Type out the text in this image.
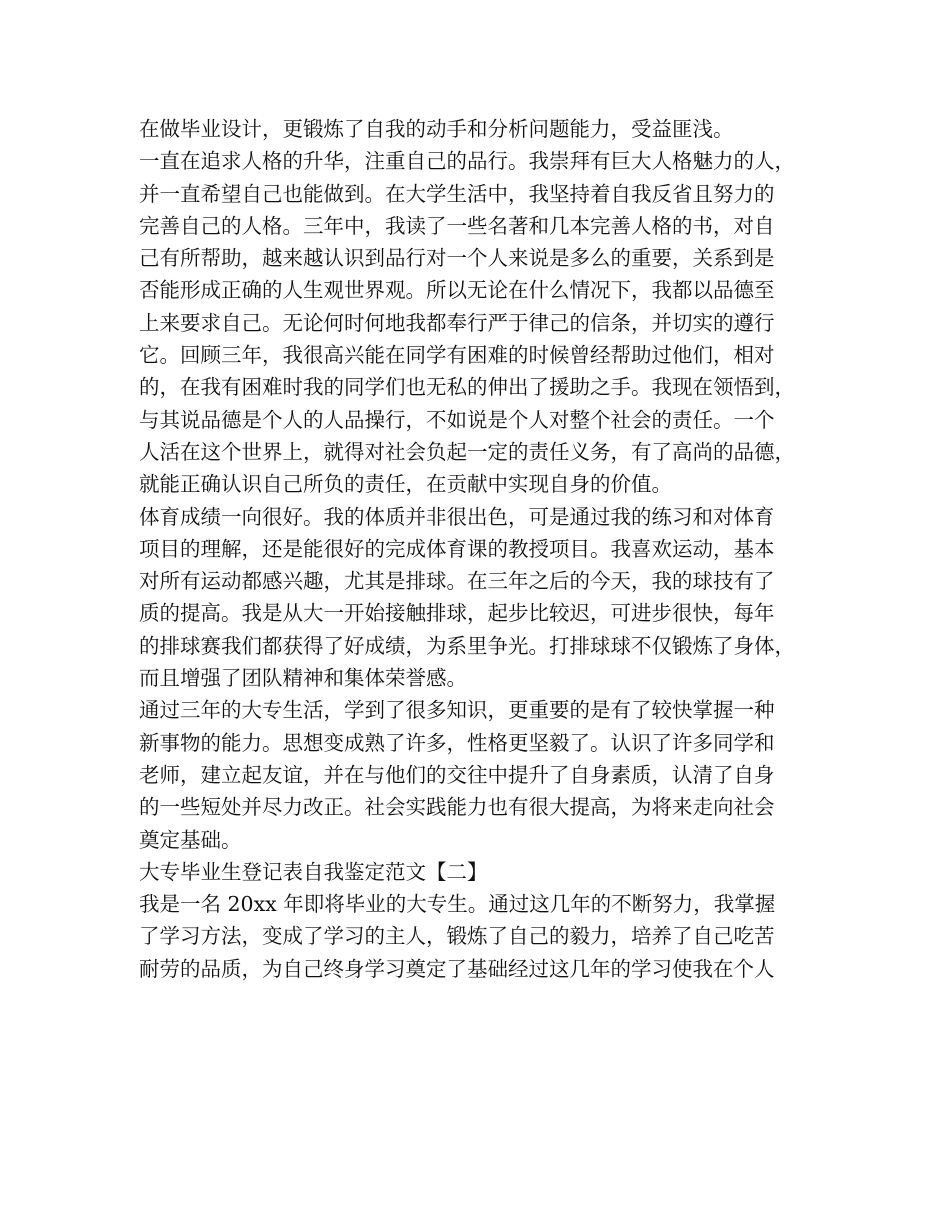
在做毕业设计，更锻炼了自我的动手和分析问题能力，受益匪浅。
一直在追求人格的升华，注重自己的品行。我崇拜有巨大人格魅力的人，
并一直希望自己也能做到。在大学生活中，我坚持着自我反省且努力的
完善自己的人格。三年中，我读了一些名著和几本完善人格的书，对自
己有所帮助，越来越认识到品行对一个人来说是多么的重要，关系到是
否能形成正确的人生观世界观。所以无论在什么情况下，我都以品德至
上来要求自己。无论何时何地我都奉行严于律己的信条，并切实的遵行
它。回顾三年，我很高兴能在同学有困难的时候曾经帮助过他们，相对
的，在我有困难时我的同学们也无私的伸出了援助之手。我现在领悟到，
与其说品德是个人的人品操行，不如说是个人对整个社会的责任。一个
人活在这个世界上，就得对社会负起一定的责任义务，有了高尚的品德，
就能正确认识自己所负的责任，在贡献中实现自身的价值。
体育成绩一向很好。我的体质并非很出色，可是通过我的练习和对体育
项目的理解，还是能很好的完成体育课的教授项目。我喜欢运动，基本
对所有运动都感兴趣，尤其是排球。在三年之后的今天，我的球技有了
质的提高。我是从大一开始接触排球，起步比较迟，可进步很快，每年
的排球赛我们都获得了好成绩，为系里争光。打排球球不仅锻炼了身体，
而且增强了团队精神和集体荣誉感。
通过三年的大专生活，学到了很多知识，更重要的是有了较快掌握一种
新事物的能力。思想变成熟了许多，性格更坚毅了。认识了许多同学和
老师，建立起友谊，并在与他们的交往中提升了自身素质，认清了自身
的一些短处并尽力改正。社会实践能力也有很大提高，为将来走向社会
奠定基础。
大专毕业生登记表自我鉴定范文【二】
我是一名 20xx 年即将毕业的大专生。通过这几年的不断努力，我掌握
了学习方法，变成了学习的主人，锻炼了自己的毅力，培养了自己吃苦
耐劳的品质，为自己终身学习奠定了基础经过这几年的学习使我在个人
